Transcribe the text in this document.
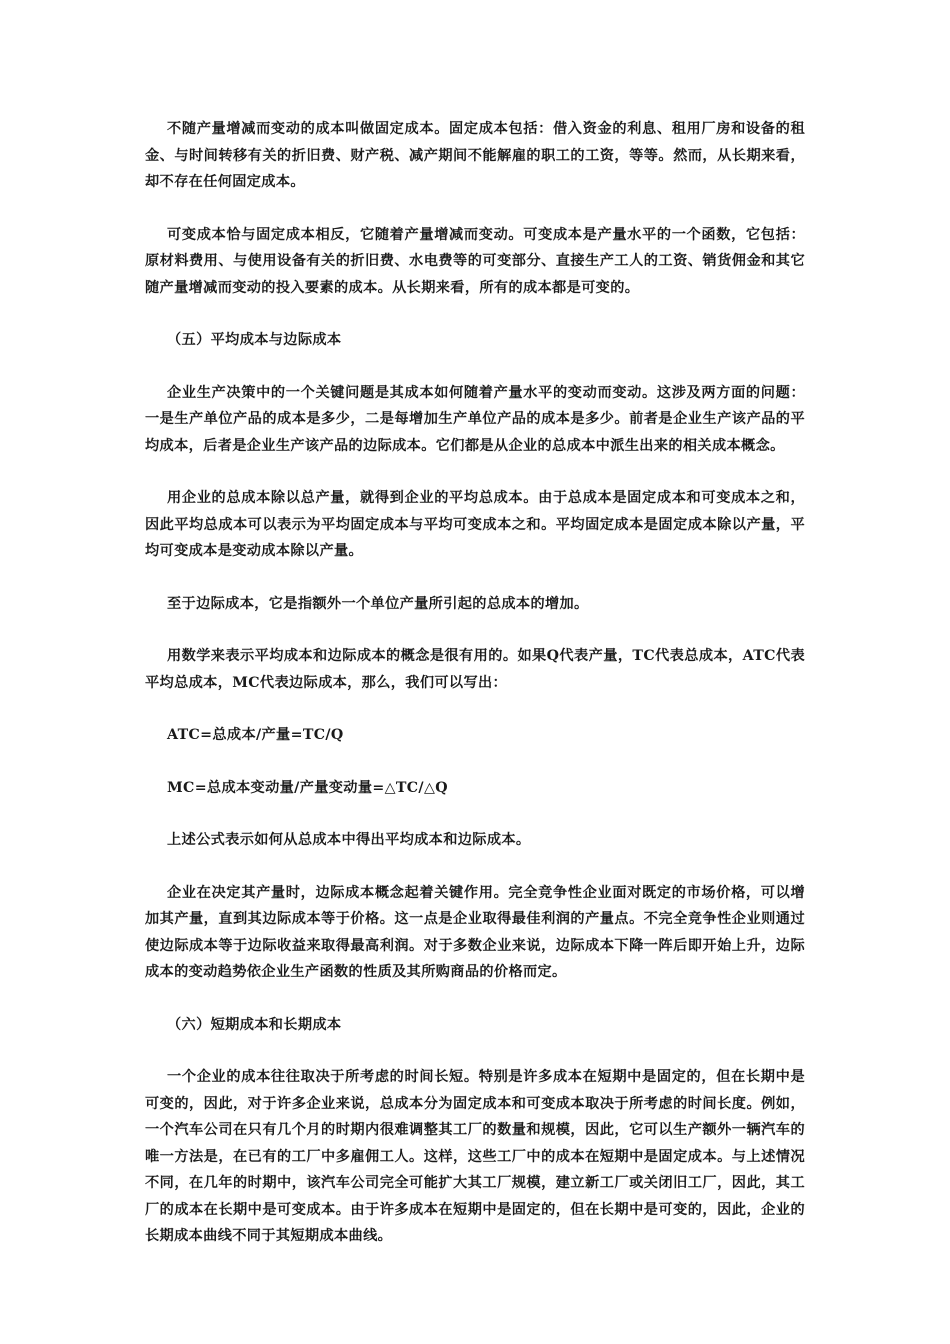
不随产量增减而变动的成本叫做固定成本。固定成本包括：借入资金的利息、租用厂房和设备的租金、与时间转移有关的折旧费、财产税、减产期间不能解雇的职工的工资，等等。然而，从长期来看，却不存在任何固定成本。

可变成本恰与固定成本相反，它随着产量增减而变动。可变成本是产量水平的一个函数，它包括：原材料费用、与使用设备有关的折旧费、水电费等的可变部分、直接生产工人的工资、销货佣金和其它随产量增减而变动的投入要素的成本。从长期来看，所有的成本都是可变的。

（五）平均成本与边际成本

企业生产决策中的一个关键问题是其成本如何随着产量水平的变动而变动。这涉及两方面的问题：一是生产单位产品的成本是多少，二是每增加生产单位产品的成本是多少。前者是企业生产该产品的平均成本，后者是企业生产该产品的边际成本。它们都是从企业的总成本中派生出来的相关成本概念。

用企业的总成本除以总产量，就得到企业的平均总成本。由于总成本是固定成本和可变成本之和，因此平均总成本可以表示为平均固定成本与平均可变成本之和。平均固定成本是固定成本除以产量，平均可变成本是变动成本除以产量。

至于边际成本，它是指额外一个单位产量所引起的总成本的增加。

用数学来表示平均成本和边际成本的概念是很有用的。如果Q代表产量，TC代表总成本，ATC代表平均总成本，MC代表边际成本，那么，我们可以写出：

ATC=总成本/产量=TC/Q

MC=总成本变动量/产量变动量=△TC/△Q

上述公式表示如何从总成本中得出平均成本和边际成本。

企业在决定其产量时，边际成本概念起着关键作用。完全竞争性企业面对既定的市场价格，可以增加其产量，直到其边际成本等于价格。这一点是企业取得最佳利润的产量点。不完全竞争性企业则通过使边际成本等于边际收益来取得最高利润。对于多数企业来说，边际成本下降一阵后即开始上升，边际成本的变动趋势依企业生产函数的性质及其所购商品的价格而定。

（六）短期成本和长期成本

一个企业的成本往往取决于所考虑的时间长短。特别是许多成本在短期中是固定的，但在长期中是可变的，因此，对于许多企业来说，总成本分为固定成本和可变成本取决于所考虑的时间长度。例如，一个汽车公司在只有几个月的时期内很难调整其工厂的数量和规模，因此，它可以生产额外一辆汽车的唯一方法是，在已有的工厂中多雇佣工人。这样，这些工厂中的成本在短期中是固定成本。与上述情况不同，在几年的时期中，该汽车公司完全可能扩大其工厂规模，建立新工厂或关闭旧工厂，因此，其工厂的成本在长期中是可变成本。由于许多成本在短期中是固定的，但在长期中是可变的，因此，企业的长期成本曲线不同于其短期成本曲线。
